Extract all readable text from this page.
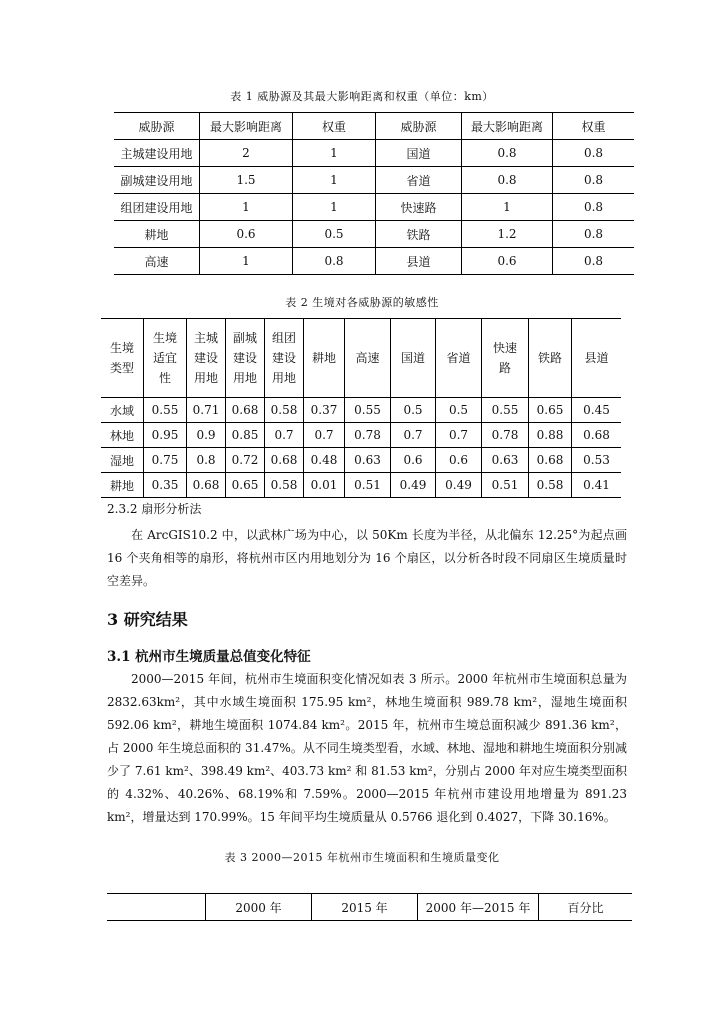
表 1 威胁源及其最大影响距离和权重（单位：km）
威胁源	最大影响距离	权重	威胁源	最大影响距离	权重
主城建设用地	2	1	国道	0.8	0.8
副城建设用地	1.5	1	省道	0.8	0.8
组团建设用地	1	1	快速路	1	0.8
耕地	0.6	0.5	铁路	1.2	0.8
高速	1	0.8	县道	0.6	0.8
表 2 生境对各威胁源的敏感性
生境
类型	生境
适宜
性	主城
建设
用地	副城
建设
用地	组团
建设
用地	耕地	高速	国道	省道	快速
路	铁路	县道
水域	0.55	0.71	0.68	0.58	0.37	0.55	0.5	0.5	0.55	0.65	0.45
林地	0.95	0.9	0.85	0.7	0.7	0.78	0.7	0.7	0.78	0.88	0.68
湿地	0.75	0.8	0.72	0.68	0.48	0.63	0.6	0.6	0.63	0.68	0.53
耕地	0.35	0.68	0.65	0.58	0.01	0.51	0.49	0.49	0.51	0.58	0.41
2.3.2 扇形分析法
在 ArcGIS10.2 中，以武林广场为中心，以 50Km 长度为半径，从北偏东 12.25°为起点画 16 个夹角相等的扇形，将杭州市区内用地划分为 16 个扇区，以分析各时段不同扇区生境质量时空差异。
3 研究结果
3.1 杭州市生境质量总值变化特征
2000—2015 年间，杭州市生境面积变化情况如表 3 所示。2000 年杭州市生境面积总量为 2832.63km²，其中水域生境面积 175.95 km²，林地生境面积 989.78 km²，湿地生境面积 592.06 km²，耕地生境面积 1074.84 km²。2015 年，杭州市生境总面积减少 891.36 km²，占 2000 年生境总面积的 31.47%。从不同生境类型看，水域、林地、湿地和耕地生境面积分别减少了 7.61 km²、398.49 km²、403.73 km² 和 81.53 km²，分别占 2000 年对应生境类型面积的 4.32%、40.26%、68.19%和 7.59%。2000—2015 年杭州市建设用地增量为 891.23 km²，增量达到 170.99%。15 年间平均生境质量从 0.5766 退化到 0.4027，下降 30.16%。
表 3 2000—2015 年杭州市生境面积和生境质量变化
	2000 年	2015 年	2000 年—2015 年	百分比
